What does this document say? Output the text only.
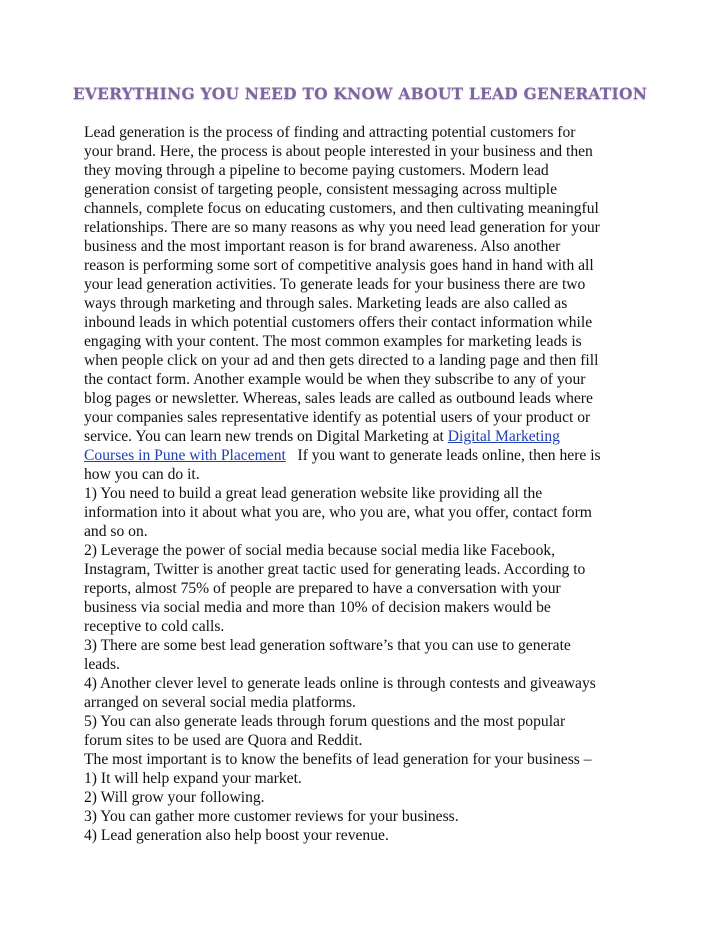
EVERYTHING YOU NEED TO KNOW ABOUT LEAD GENERATION
Lead generation is the process of finding and attracting potential customers for
your brand. Here, the process is about people interested in your business and then
they moving through a pipeline to become paying customers. Modern lead
generation consist of targeting people, consistent messaging across multiple
channels, complete focus on educating customers, and then cultivating meaningful
relationships. There are so many reasons as why you need lead generation for your
business and the most important reason is for brand awareness. Also another
reason is performing some sort of competitive analysis goes hand in hand with all
your lead generation activities. To generate leads for your business there are two
ways through marketing and through sales. Marketing leads are also called as
inbound leads in which potential customers offers their contact information while
engaging with your content. The most common examples for marketing leads is
when people click on your ad and then gets directed to a landing page and then fill
the contact form. Another example would be when they subscribe to any of your
blog pages or newsletter. Whereas, sales leads are called as outbound leads where
your companies sales representative identify as potential users of your product or
service. You can learn new trends on Digital Marketing at Digital Marketing
Courses in Pune with Placement   If you want to generate leads online, then here is
how you can do it.
1) You need to build a great lead generation website like providing all the
information into it about what you are, who you are, what you offer, contact form
and so on.
2) Leverage the power of social media because social media like Facebook,
Instagram, Twitter is another great tactic used for generating leads. According to
reports, almost 75% of people are prepared to have a conversation with your
business via social media and more than 10% of decision makers would be
receptive to cold calls.
3) There are some best lead generation software’s that you can use to generate
leads.
4) Another clever level to generate leads online is through contests and giveaways
arranged on several social media platforms.
5) You can also generate leads through forum questions and the most popular
forum sites to be used are Quora and Reddit.
The most important is to know the benefits of lead generation for your business –
1) It will help expand your market.
2) Will grow your following.
3) You can gather more customer reviews for your business.
4) Lead generation also help boost your revenue.
